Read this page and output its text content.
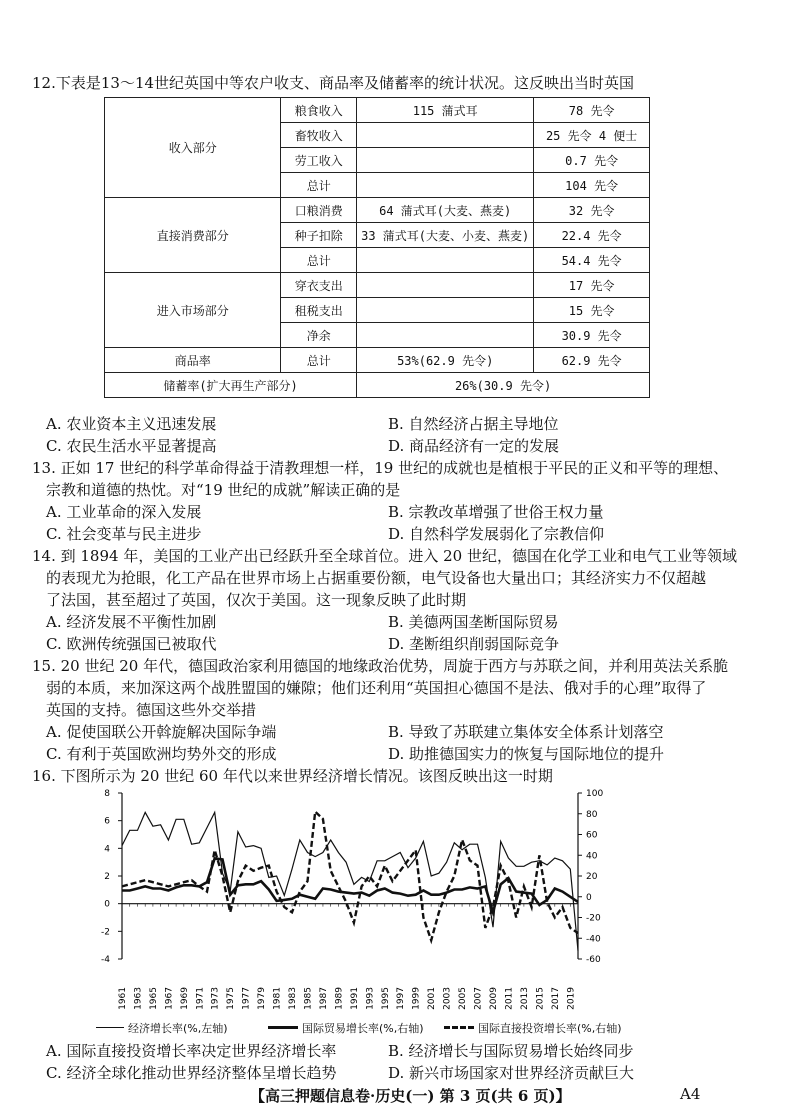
12.下表是13～14世纪英国中等农户收支、商品率及储蓄率的统计状况。这反映出当时英国
收入部分	粮食收入	115 蒲式耳	78 先令
	畜牧收入		25 先令 4 便士
	劳工收入		0.7 先令
	总计		104 先令
直接消费部分	口粮消费	64 蒲式耳(大麦、燕麦)	32 先令
	种子扣除	33 蒲式耳(大麦、小麦、燕麦)	22.4 先令
	总计		54.4 先令
进入市场部分	穿衣支出		17 先令
	租税支出		15 先令
	净余		30.9 先令
商品率	总计	53%(62.9 先令)	62.9 先令
储蓄率(扩大再生产部分)		26%(30.9 先令)	
A. 农业资本主义迅速发展	B. 自然经济占据主导地位
C. 农民生活水平显著提高	D. 商品经济有一定的发展
13. 正如 17 世纪的科学革命得益于清教理想一样，19 世纪的成就也是植根于平民的正义和平等的理想、
宗教和道德的热忱。对“19 世纪的成就”解读正确的是
A. 工业革命的深入发展	B. 宗教改革增强了世俗王权力量
C. 社会变革与民主进步	D. 自然科学发展弱化了宗教信仰
14. 到 1894 年，美国的工业产出已经跃升至全球首位。进入 20 世纪，德国在化学工业和电气工业等领域
的表现尤为抢眼，化工产品在世界市场上占据重要份额，电气设备也大量出口；其经济实力不仅超越
了法国，甚至超过了英国，仅次于美国。这一现象反映了此时期
A. 经济发展不平衡性加剧	B. 美德两国垄断国际贸易
C. 欧洲传统强国已被取代	D. 垄断组织削弱国际竞争
15. 20 世纪 20 年代，德国政治家利用德国的地缘政治优势，周旋于西方与苏联之间，并利用英法关系脆
弱的本质，来加深这两个战胜盟国的嫌隙；他们还利用“英国担心德国不是法、俄对手的心理”取得了
英国的支持。德国这些外交举措
A. 促使国联公开斡旋解决国际争端	B. 导致了苏联建立集体安全体系计划落空
C. 有利于英国欧洲均势外交的形成	D. 助推德国实力的恢复与国际地位的提升
16. 下图所示为 20 世纪 60 年代以来世界经济增长情况。该图反映出这一时期
-4
-2
0
2
4
6
8
-60
-40
-20
0
20
40
60
80
100
1961 1963 1965 1967 1969 1971 1973 1975 1977 1979 1981 1983 1985 1987 1989 1991 1993 1995 1997 1999 2001 2003 2005 2007 2009 2011 2013 2015 2017 2019
经济增长率(%,左轴)	国际贸易增长率(%,右轴)	国际直接投资增长率(%,右轴)
A. 国际直接投资增长率决定世界经济增长率	B. 经济增长与国际贸易增长始终同步
C. 经济全球化推动世界经济整体呈增长趋势	D. 新兴市场国家对世界经济贡献巨大
【高三押题信息卷·历史(一) 第 3 页(共 6 页)】	A4
